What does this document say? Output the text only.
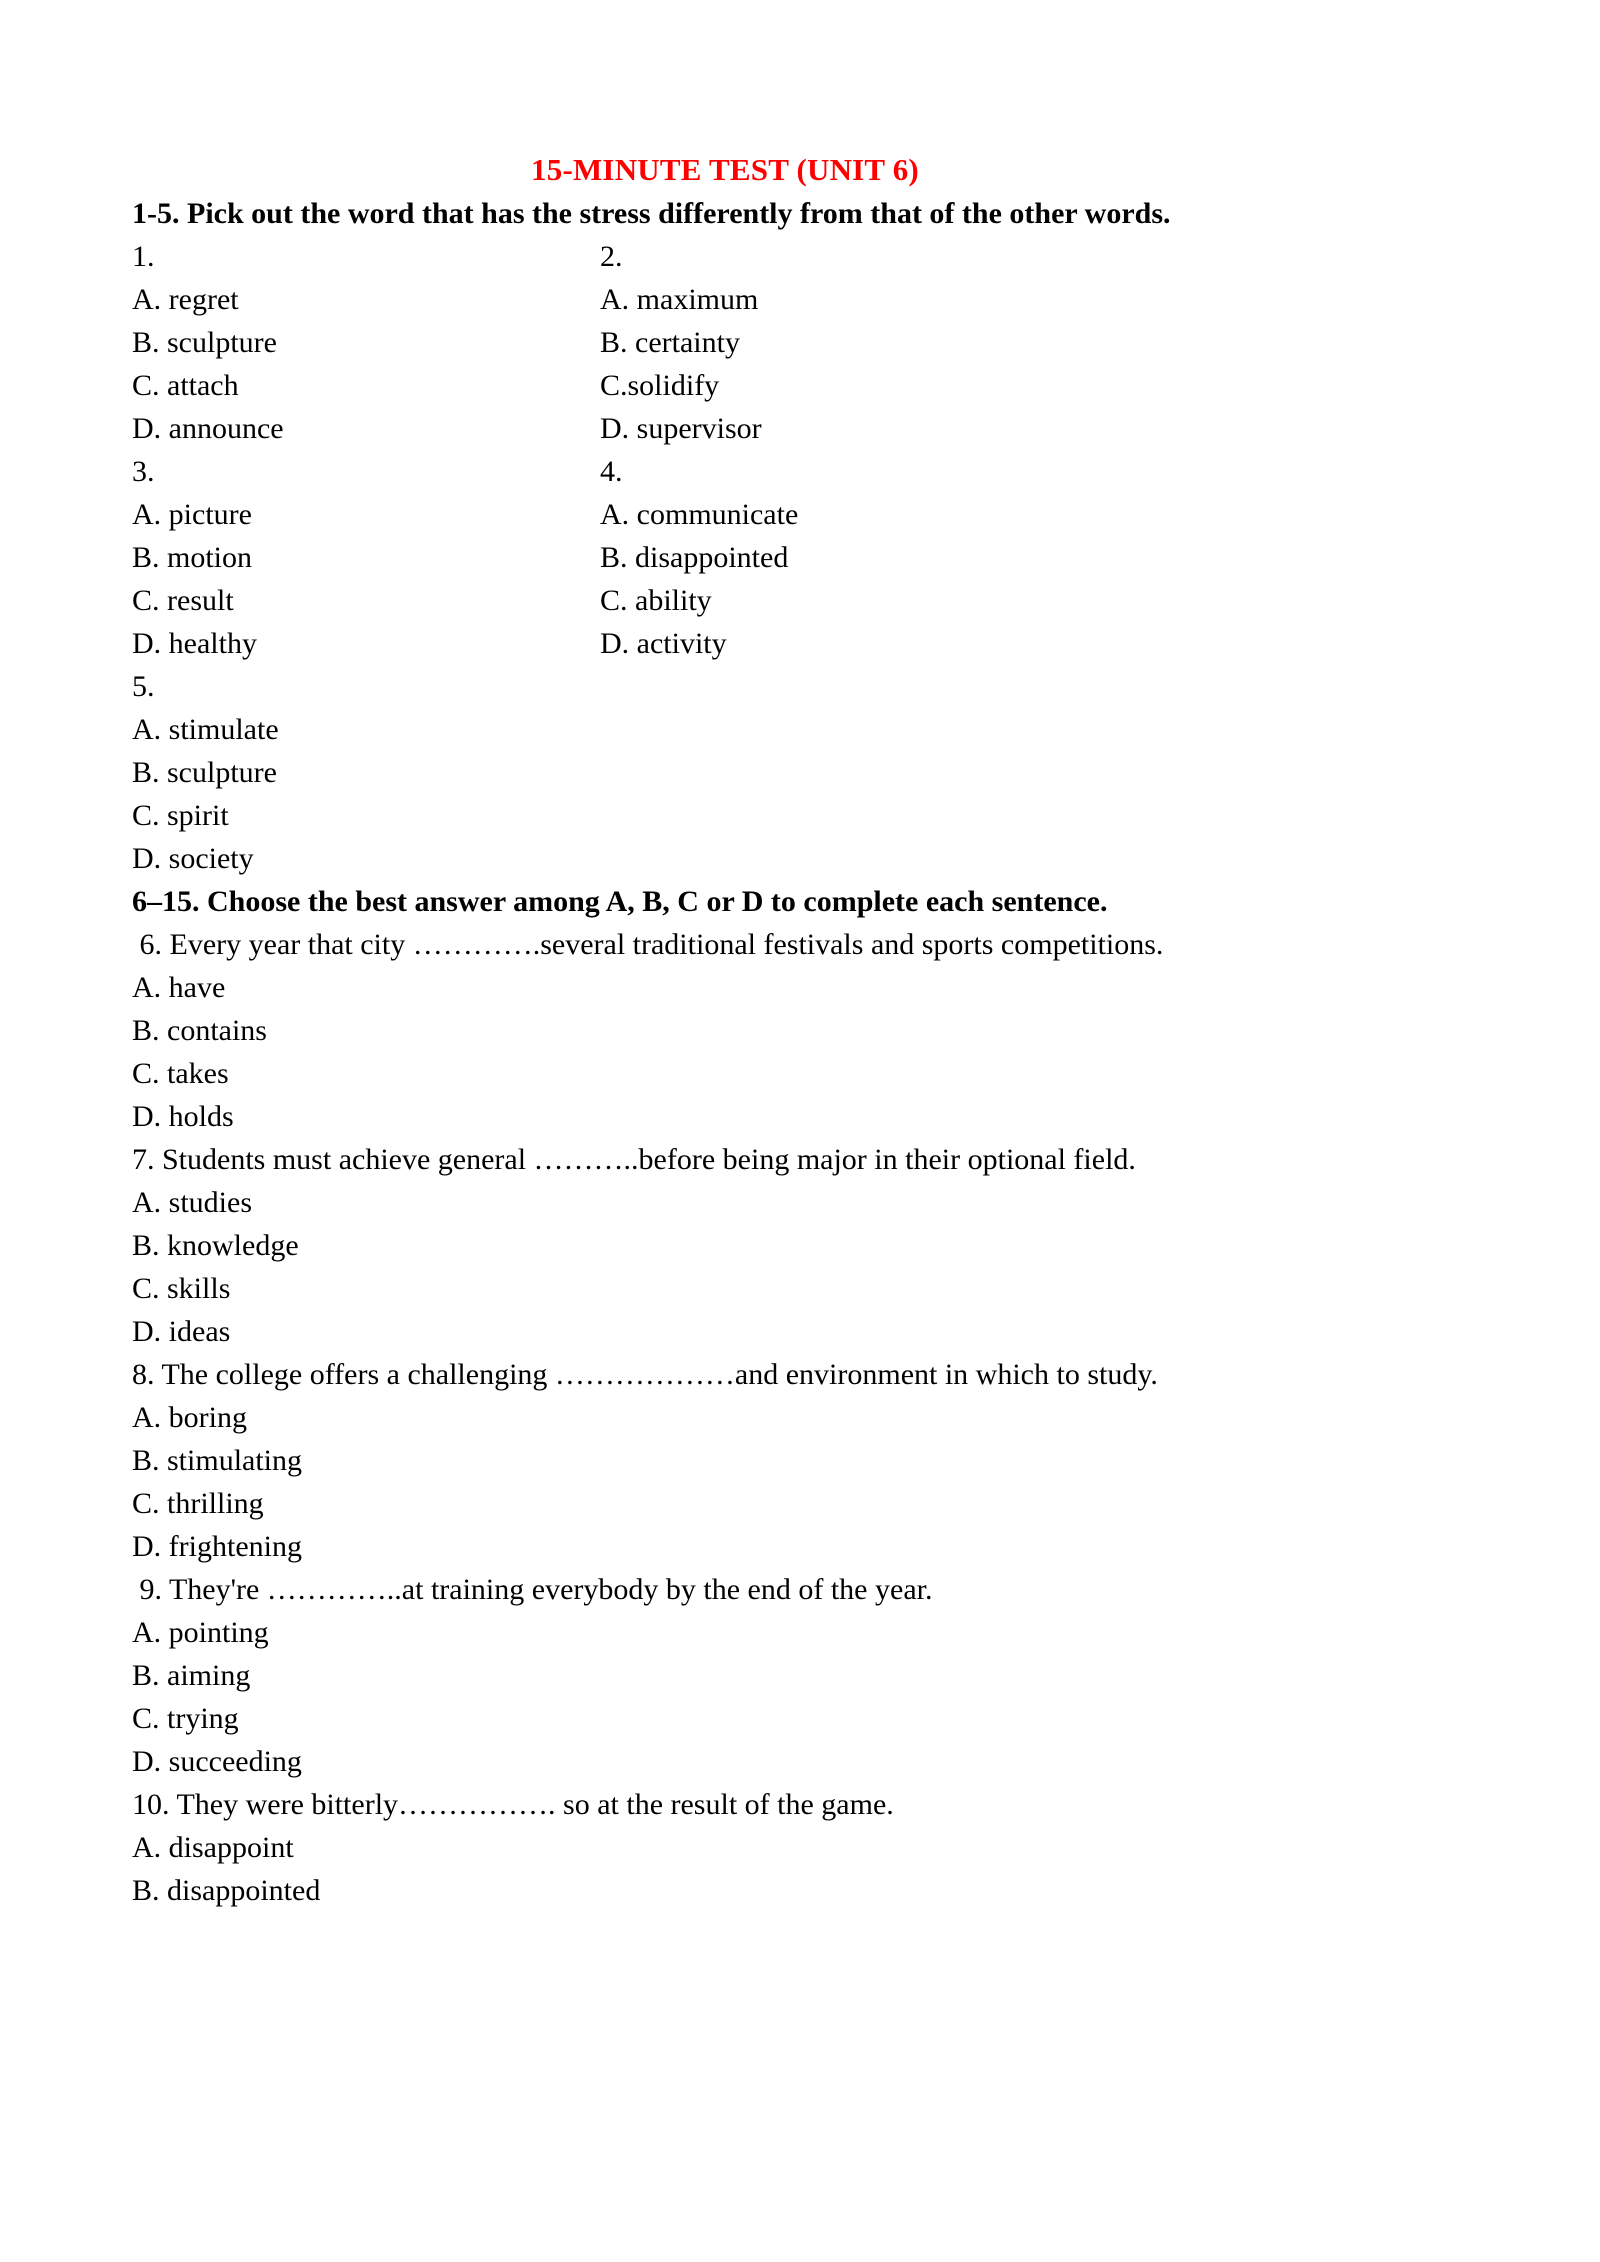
15-MINUTE TEST (UNIT 6)
1-5. Pick out the word that has the stress differently from that of the other words.
1.	2.
A. regret	A. maximum
B. sculpture	B. certainty
C. attach	C.solidify
D. announce	D. supervisor
3.	4.
A. picture	A. communicate
B. motion	B. disappointed
C. result	C. ability
D. healthy	D. activity
5.
A. stimulate
B. sculpture
C. spirit
D. society
6–15. Choose the best answer among A, B, C or D to complete each sentence.
6. Every year that city ………….several traditional festivals and sports competitions.
A. have
B. contains
C. takes
D. holds
7. Students must achieve general ………..before being major in their optional field.
A. studies
B. knowledge
C. skills
D. ideas
8. The college offers a challenging ………………and environment in which to study.
A. boring
B. stimulating
C. thrilling
D. frightening
9. They're …………..at training everybody by the end of the year.
A. pointing
B. aiming
C. trying
D. succeeding
10. They were bitterly……………. so at the result of the game.
A. disappoint
B. disappointed
